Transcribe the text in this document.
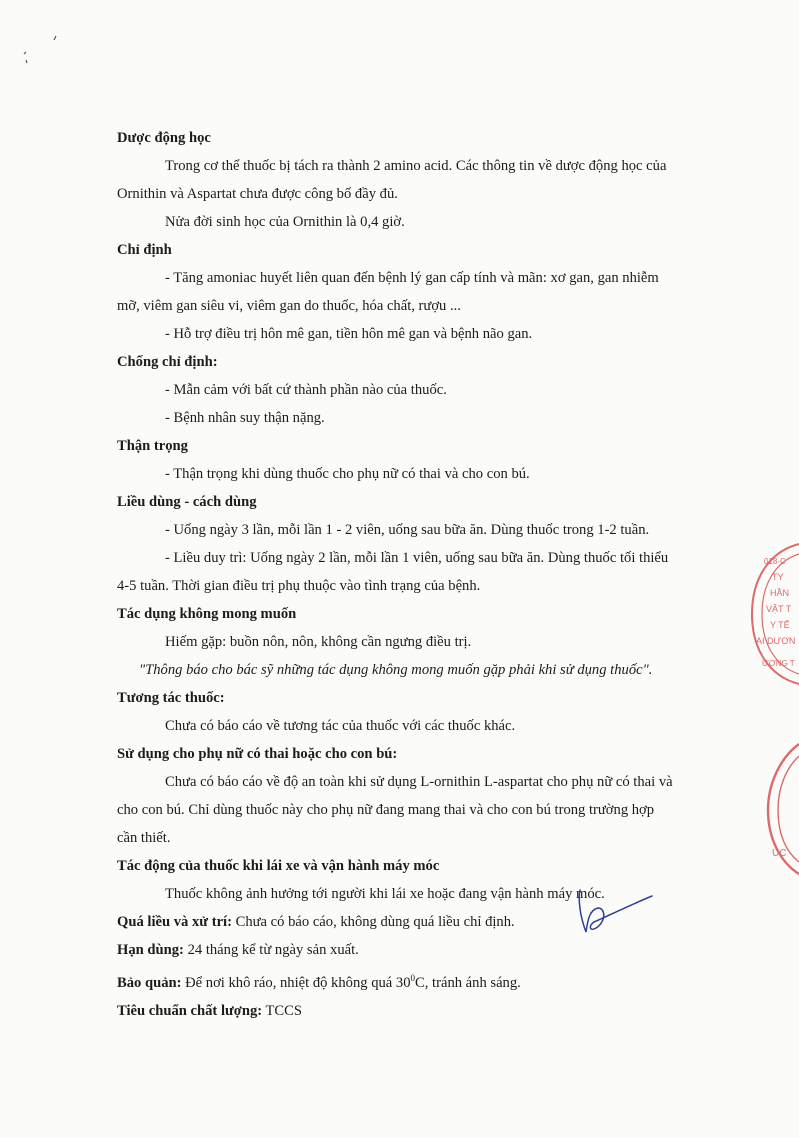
Dược động học

Trong cơ thể thuốc bị tách ra thành 2 amino acid. Các thông tin về dược động học của

Ornithin và Aspartat chưa được công bố đầy đủ.

Nửa đời sinh học của Ornithin là 0,4 giờ.

Chỉ định

- Tăng amoniac huyết liên quan đến bệnh lý gan cấp tính và mãn: xơ gan, gan nhiễm

mỡ, viêm gan siêu vi, viêm gan do thuốc, hóa chất, rượu ...

- Hỗ trợ điều trị hôn mê gan, tiền hôn mê gan và bệnh não gan.

Chống chỉ định:

- Mẫn cảm với bất cứ thành phần nào của thuốc.

- Bệnh nhân suy thận nặng.

Thận trọng

- Thận trọng khi dùng thuốc cho phụ nữ có thai và cho con bú.

Liều dùng - cách dùng

- Uống ngày 3 lần, mỗi lần 1 - 2 viên, uống sau bữa ăn. Dùng thuốc trong 1-2 tuần.

- Liều duy trì: Uống ngày 2 lần, mỗi lần 1 viên, uống sau bữa ăn. Dùng thuốc tối thiểu

4-5 tuần. Thời gian điều trị phụ thuộc vào tình trạng của bệnh.

Tác dụng không mong muốn

Hiếm gặp: buồn nôn, nôn, không cần ngưng điều trị.

"Thông báo cho bác sỹ những tác dụng không mong muốn gặp phải khi sử dụng thuốc".

Tương tác thuốc:

Chưa có báo cáo về tương tác của thuốc với các thuốc khác.

Sử dụng cho phụ nữ có thai hoặc cho con bú:

Chưa có báo cáo về độ an toàn khi sử dụng L-ornithin L-aspartat cho phụ nữ có thai và

cho con bú. Chỉ dùng thuốc này cho phụ nữ đang mang thai và cho con bú trong trường hợp

cần thiết.

Tác động của thuốc khi lái xe và vận hành máy móc

Thuốc không ảnh hưởng tới người khi lái xe hoặc đang vận hành máy móc.

Quá liều và xử trí: Chưa có báo cáo, không dùng quá liều chỉ định.

Hạn dùng: 24 tháng kể từ ngày sản xuất.

Bảo quản: Để nơi khô ráo, nhiệt độ không quá $30^0C$, tránh ánh sáng.

Tiêu chuẩn chất lượng: TCCS

018-C
TY
HẦN
VẬT T
Y TẾ
AI DƯƠN
ƯƠNG T
ÚC
